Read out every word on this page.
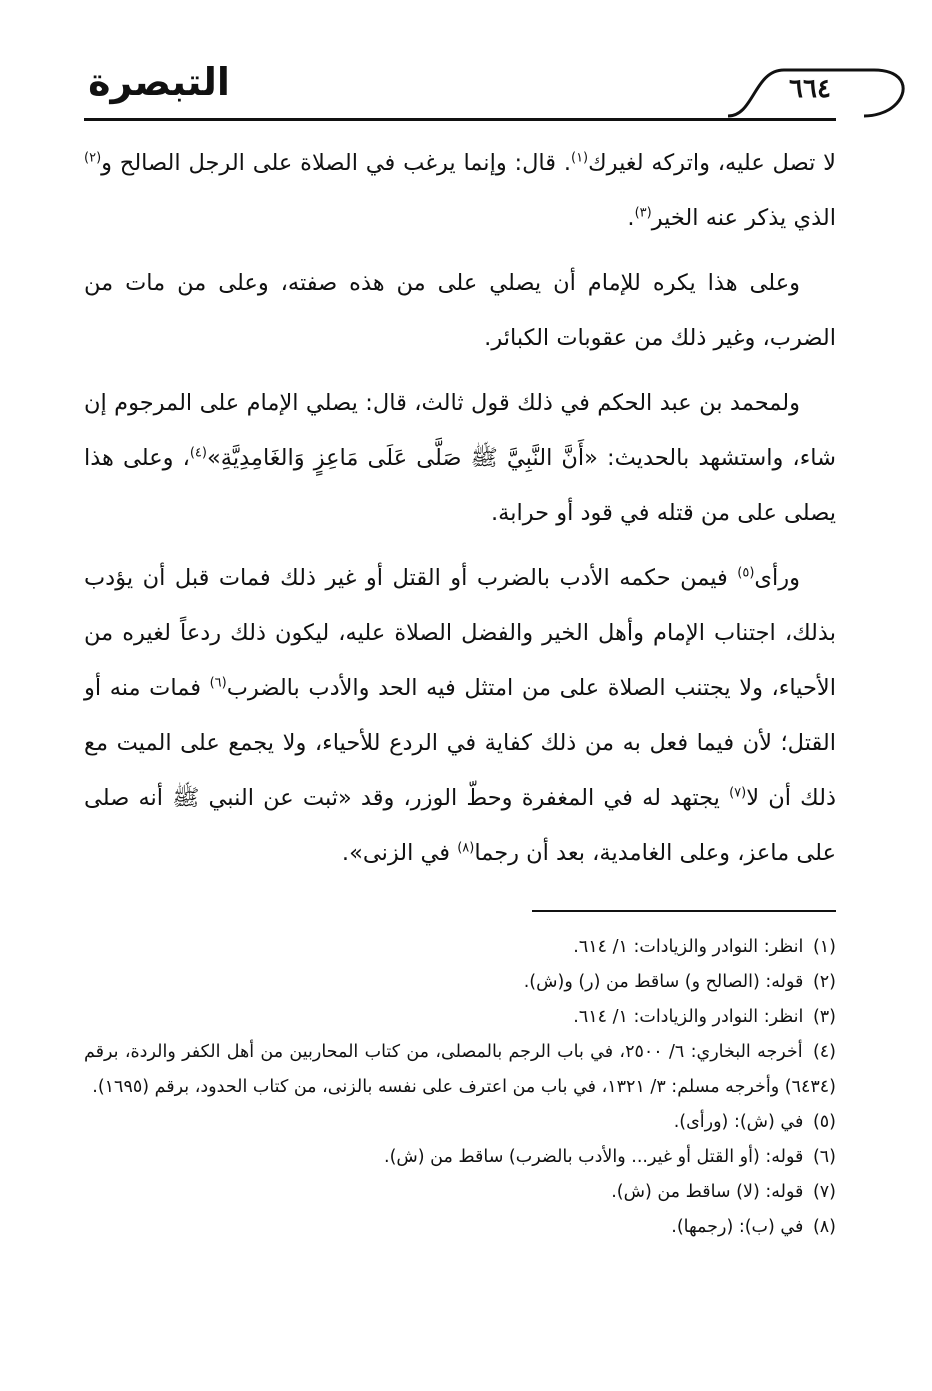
التبصرة	٦٦٤

لا تصل عليه، واتركه لغيرك$^{(١)}$. قال: وإنما يرغب في الصلاة على الرجل الصالح و$^{(٢)}$ الذي يذكر عنه الخير$^{(٣)}$.

وعلى هذا يكره للإمام أن يصلي على من هذه صفته، وعلى من مات من الضرب، وغير ذلك من عقوبات الكبائر.

ولمحمد بن عبد الحكم في ذلك قول ثالث، قال: يصلي الإمام على المرجوم إن شاء، واستشهد بالحديث: «أَنَّ النَّبِيَّ ﷺ صَلَّى عَلَى مَاعِزٍ وَالغَامِدِيَّةِ»$^{(٤)}$، وعلى هذا يصلى على من قتله في قود أو حرابة.

ورأى$^{(٥)}$ فيمن حكمه الأدب بالضرب أو القتل أو غير ذلك فمات قبل أن يؤدب بذلك، اجتناب الإمام وأهل الخير والفضل الصلاة عليه، ليكون ذلك ردعاً لغيره من الأحياء، ولا يجتنب الصلاة على من امتثل فيه الحد والأدب بالضرب$^{(٦)}$ فمات منه أو القتل؛ لأن فيما فعل به من ذلك كفاية في الردع للأحياء، ولا يجمع على الميت مع ذلك أن لا$^{(٧)}$ يجتهد له في المغفرة وحطّ الوزر، وقد «ثبت عن النبي ﷺ أنه صلى على ماعز، وعلى الغامدية، بعد أن رجما$^{(٨)}$ في الزنى».

(١) انظر: النوادر والزيادات: ١/ ٦١٤.
(٢) قوله: (الصالح و) ساقط من (ر) و(ش).
(٣) انظر: النوادر والزيادات: ١/ ٦١٤.
(٤) أخرجه البخاري: ٦/ ٢٥٠٠، في باب الرجم بالمصلى، من كتاب المحاربين من أهل الكفر والردة، برقم (٦٤٣٤) وأخرجه مسلم: ٣/ ١٣٢١، في باب من اعترف على نفسه بالزنى، من كتاب الحدود، برقم (١٦٩٥).
(٥) في (ش): (ورأى).
(٦) قوله: (أو القتل أو غير... والأدب بالضرب) ساقط من (ش).
(٧) قوله: (لا) ساقط من (ش).
(٨) في (ب): (رجمها).
